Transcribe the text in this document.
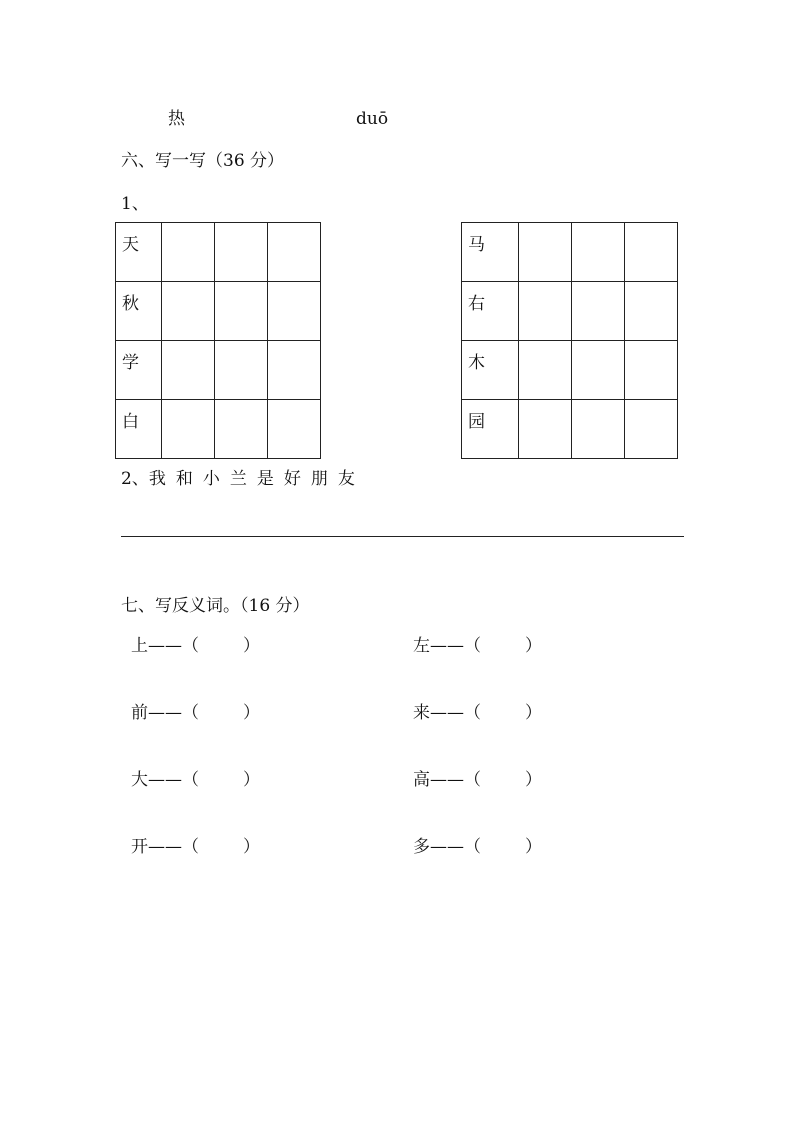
热	duō
六、写一写（36 分）
1、
天			

秋			

学			

白			

马			

右			

木			

园			

2、我和小兰是好朋友
七、写反义词。（16 分）
上——（	）
前——（	）
大——（	）
开——（	）
左——（	）
来——（	）
高——（	）
多——（	）
